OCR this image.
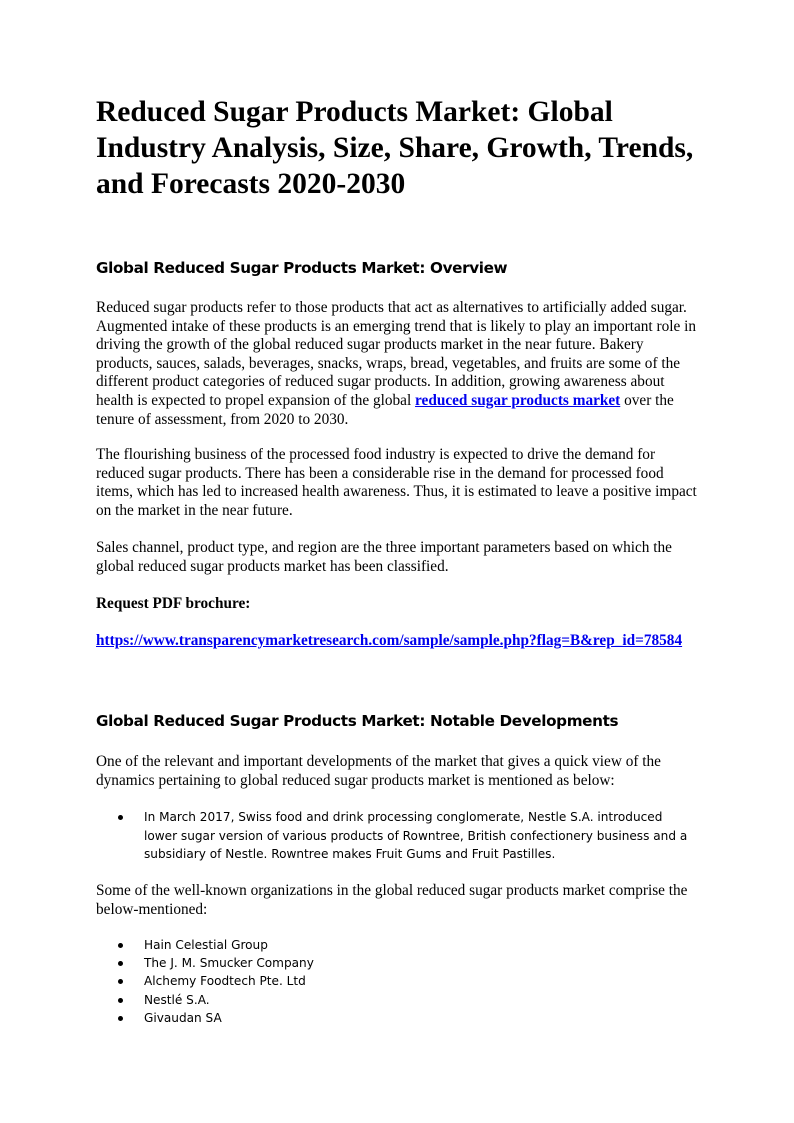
Reduced Sugar Products Market: Global Industry Analysis, Size, Share, Growth, Trends, and Forecasts 2020-2030
Global Reduced Sugar Products Market: Overview

Reduced sugar products refer to those products that act as alternatives to artificially added sugar. Augmented intake of these products is an emerging trend that is likely to play an important role in driving the growth of the global reduced sugar products market in the near future. Bakery products, sauces, salads, beverages, snacks, wraps, bread, vegetables, and fruits are some of the different product categories of reduced sugar products. In addition, growing awareness about health is expected to propel expansion of the global reduced sugar products market over the tenure of assessment, from 2020 to 2030.

The flourishing business of the processed food industry is expected to drive the demand for reduced sugar products. There has been a considerable rise in the demand for processed food items, which has led to increased health awareness. Thus, it is estimated to leave a positive impact on the market in the near future.

Sales channel, product type, and region are the three important parameters based on which the global reduced sugar products market has been classified.

Request PDF brochure:

https://www.transparencymarketresearch.com/sample/sample.php?flag=B&rep_id=78584

Global Reduced Sugar Products Market: Notable Developments

One of the relevant and important developments of the market that gives a quick view of the dynamics pertaining to global reduced sugar products market is mentioned as below:

In March 2017, Swiss food and drink processing conglomerate, Nestle S.A. introduced lower sugar version of various products of Rowntree, British confectionery business and a subsidiary of Nestle. Rowntree makes Fruit Gums and Fruit Pastilles.

Some of the well-known organizations in the global reduced sugar products market comprise the below-mentioned:

Hain Celestial Group
The J. M. Smucker Company
Alchemy Foodtech Pte. Ltd
Nestlé S.A.
Givaudan SA
